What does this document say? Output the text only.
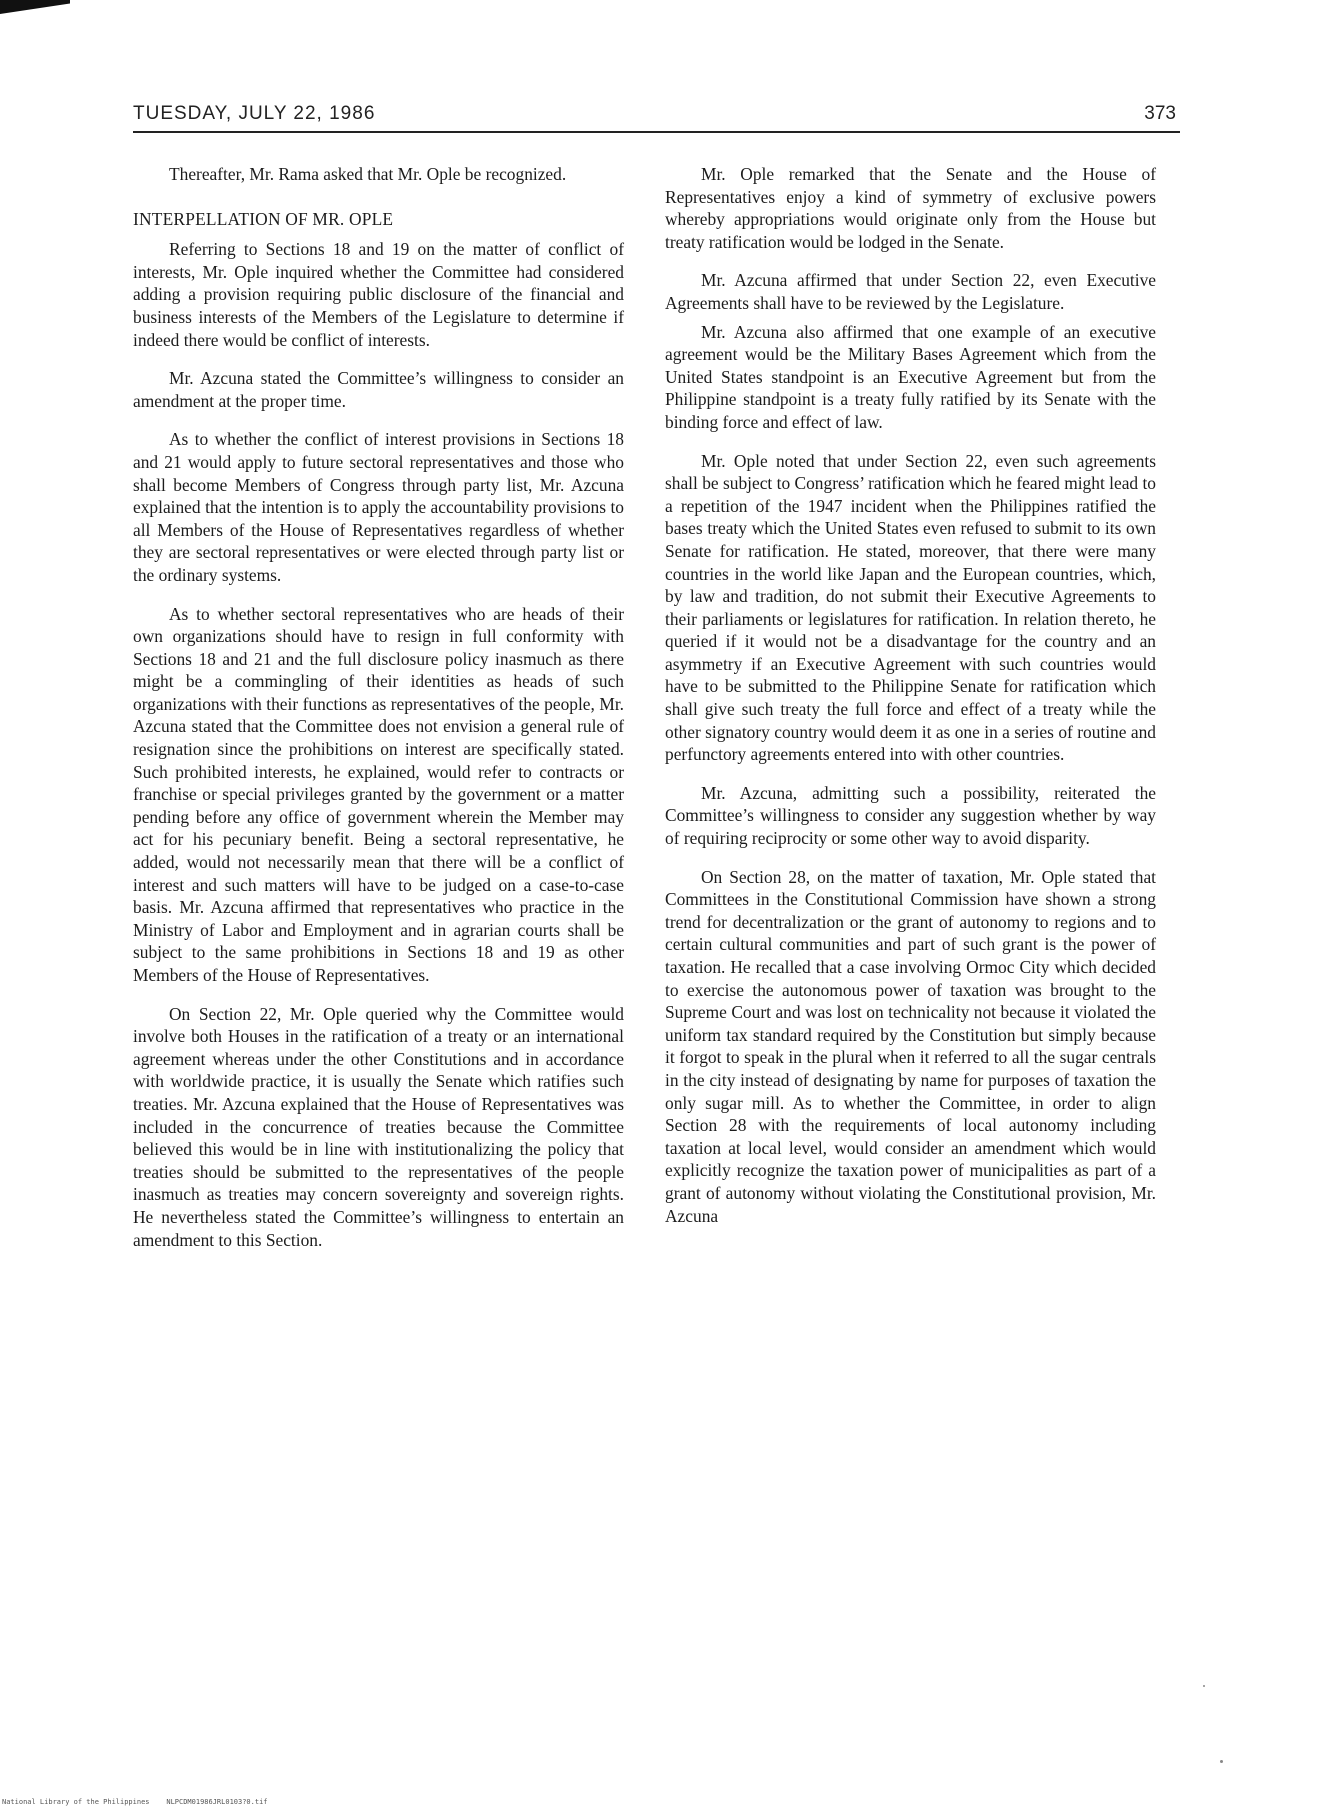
TUESDAY, JULY 22, 1986	373

Thereafter, Mr. Rama asked that Mr. Ople be recognized.

INTERPELLATION OF MR. OPLE

Referring to Sections 18 and 19 on the matter of conflict of interests, Mr. Ople inquired whether the Committee had considered adding a provision requiring public disclosure of the financial and business interests of the Members of the Legislature to determine if indeed there would be conflict of interests.

Mr. Azcuna stated the Committee’s willingness to consider an amendment at the proper time.

As to whether the conflict of interest provisions in Sections 18 and 21 would apply to future sectoral representatives and those who shall become Members of Congress through party list, Mr. Azcuna explained that the intention is to apply the accountability provisions to all Members of the House of Representatives regardless of whether they are sectoral representatives or were elected through party list or the ordinary systems.

As to whether sectoral representatives who are heads of their own organizations should have to resign in full conformity with Sections 18 and 21 and the full disclosure policy inasmuch as there might be a commingling of their identities as heads of such organizations with their functions as representatives of the people, Mr. Azcuna stated that the Committee does not envision a general rule of resignation since the prohibitions on interest are specifically stated. Such prohibited interests, he explained, would refer to contracts or franchise or special privileges granted by the government or a matter pending before any office of government wherein the Member may act for his pecuniary benefit. Being a sectoral representative, he added, would not necessarily mean that there will be a conflict of interest and such matters will have to be judged on a case-to-case basis. Mr. Azcuna affirmed that representatives who practice in the Ministry of Labor and Employment and in agrarian courts shall be subject to the same prohibitions in Sections 18 and 19 as other Members of the House of Representatives.

On Section 22, Mr. Ople queried why the Committee would involve both Houses in the ratification of a treaty or an international agreement whereas under the other Constitutions and in accordance with worldwide practice, it is usually the Senate which ratifies such treaties. Mr. Azcuna explained that the House of Representatives was included in the concurrence of treaties because the Committee believed this would be in line with institutionalizing the policy that treaties should be submitted to the representatives of the people inasmuch as treaties may concern sovereignty and sovereign rights. He nevertheless stated the Committee’s willingness to entertain an amendment to this Section.

Mr. Ople remarked that the Senate and the House of Representatives enjoy a kind of symmetry of exclusive powers whereby appropriations would originate only from the House but treaty ratification would be lodged in the Senate.

Mr. Azcuna affirmed that under Section 22, even Executive Agreements shall have to be reviewed by the Legislature.

Mr. Azcuna also affirmed that one example of an executive agreement would be the Military Bases Agreement which from the United States standpoint is an Executive Agreement but from the Philippine standpoint is a treaty fully ratified by its Senate with the binding force and effect of law.

Mr. Ople noted that under Section 22, even such agreements shall be subject to Congress’ ratification which he feared might lead to a repetition of the 1947 incident when the Philippines ratified the bases treaty which the United States even refused to submit to its own Senate for ratification. He stated, moreover, that there were many countries in the world like Japan and the European countries, which, by law and tradition, do not submit their Executive Agreements to their parliaments or legislatures for ratification. In relation thereto, he queried if it would not be a disadvantage for the country and an asymmetry if an Executive Agreement with such countries would have to be submitted to the Philippine Senate for ratification which shall give such treaty the full force and effect of a treaty while the other signatory country would deem it as one in a series of routine and perfunctory agreements entered into with other countries.

Mr. Azcuna, admitting such a possibility, reiterated the Committee’s willingness to consider any suggestion whether by way of requiring reciprocity or some other way to avoid disparity.

On Section 28, on the matter of taxation, Mr. Ople stated that Committees in the Constitutional Commission have shown a strong trend for decentralization or the grant of autonomy to regions and to certain cultural communities and part of such grant is the power of taxation. He recalled that a case involving Ormoc City which decided to exercise the autonomous power of taxation was brought to the Supreme Court and was lost on technicality not because it violated the uniform tax standard required by the Constitution but simply because it forgot to speak in the plural when it referred to all the sugar centrals in the city instead of designating by name for purposes of taxation the only sugar mill. As to whether the Committee, in order to align Section 28 with the requirements of local autonomy including taxation at local level, would consider an amendment which would explicitly recognize the taxation power of municipalities as part of a grant of autonomy without violating the Constitutional provision, Mr. Azcuna

National Library of the Philippines    NLPCDM01986JRL0103?0.tif
